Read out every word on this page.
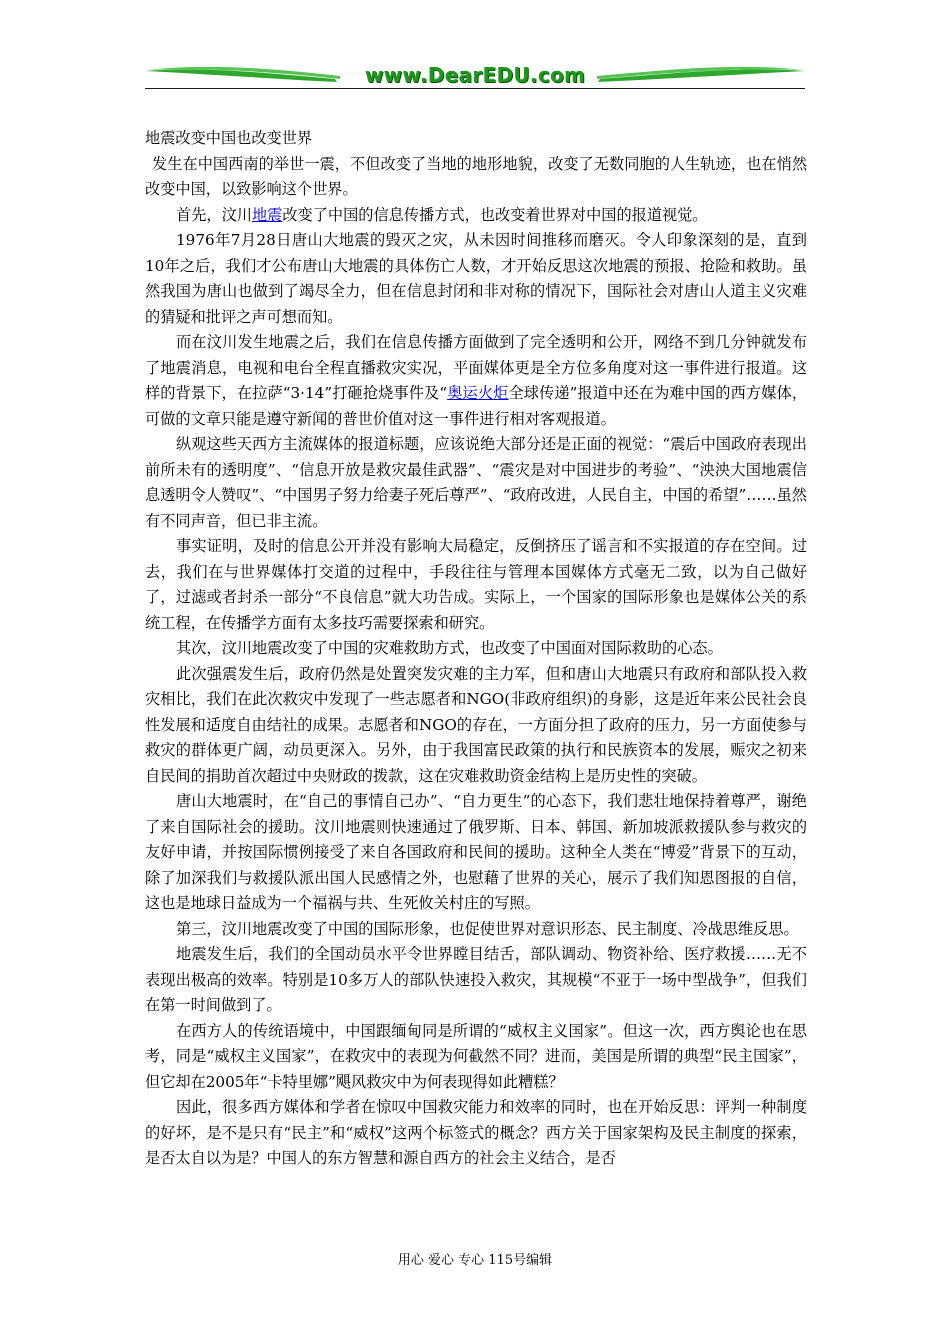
www.DearEDU.com

地震改变中国也改变世界

发生在中国西南的举世一震，不但改变了当地的地形地貌，改变了无数同胞的人生轨迹，也在悄然改变中国，以致影响这个世界。

首先，汶川地震改变了中国的信息传播方式，也改变着世界对中国的报道视觉。

1976年7月28日唐山大地震的毁灭之灾，从未因时间推移而磨灭。令人印象深刻的是，直到10年之后，我们才公布唐山大地震的具体伤亡人数，才开始反思这次地震的预报、抢险和救助。虽然我国为唐山也做到了竭尽全力，但在信息封闭和非对称的情况下，国际社会对唐山人道主义灾难的猜疑和批评之声可想而知。

而在汶川发生地震之后，我们在信息传播方面做到了完全透明和公开，网络不到几分钟就发布了地震消息，电视和电台全程直播救灾实况，平面媒体更是全方位多角度对这一事件进行报道。这样的背景下，在拉萨“3·14”打砸抢烧事件及“奥运火炬全球传递”报道中还在为难中国的西方媒体，可做的文章只能是遵守新闻的普世价值对这一事件进行相对客观报道。

纵观这些天西方主流媒体的报道标题，应该说绝大部分还是正面的视觉：“震后中国政府表现出前所未有的透明度”、“信息开放是救灾最佳武器”、“震灾是对中国进步的考验”、“泱泱大国地震信息透明令人赞叹”、“中国男子努力给妻子死后尊严”、“政府改进，人民自主，中国的希望”……虽然有不同声音，但已非主流。

事实证明，及时的信息公开并没有影响大局稳定，反倒挤压了谣言和不实报道的存在空间。过去，我们在与世界媒体打交道的过程中，手段往往与管理本国媒体方式毫无二致，以为自己做好了，过滤或者封杀一部分“不良信息”就大功告成。实际上，一个国家的国际形象也是媒体公关的系统工程，在传播学方面有太多技巧需要探索和研究。

其次，汶川地震改变了中国的灾难救助方式，也改变了中国面对国际救助的心态。

此次强震发生后，政府仍然是处置突发灾难的主力军，但和唐山大地震只有政府和部队投入救灾相比，我们在此次救灾中发现了一些志愿者和NGO(非政府组织)的身影，这是近年来公民社会良性发展和适度自由结社的成果。志愿者和NGO的存在，一方面分担了政府的压力，另一方面使参与救灾的群体更广阔，动员更深入。另外，由于我国富民政策的执行和民族资本的发展，赈灾之初来自民间的捐助首次超过中央财政的拨款，这在灾难救助资金结构上是历史性的突破。

唐山大地震时，在“自己的事情自己办”、“自力更生”的心态下，我们悲壮地保持着尊严，谢绝了来自国际社会的援助。汶川地震则快速通过了俄罗斯、日本、韩国、新加坡派救援队参与救灾的友好申请，并按国际惯例接受了来自各国政府和民间的援助。这种全人类在“博爱”背景下的互动，除了加深我们与救援队派出国人民感情之外，也慰藉了世界的关心，展示了我们知恩图报的自信，这也是地球日益成为一个福祸与共、生死攸关村庄的写照。

第三，汶川地震改变了中国的国际形象，也促使世界对意识形态、民主制度、冷战思维反思。

地震发生后，我们的全国动员水平令世界瞠目结舌，部队调动、物资补给、医疗救援……无不表现出极高的效率。特别是10多万人的部队快速投入救灾，其规模“不亚于一场中型战争”，但我们在第一时间做到了。

在西方人的传统语境中，中国跟缅甸同是所谓的“威权主义国家”。但这一次，西方舆论也在思考，同是“威权主义国家”，在救灾中的表现为何截然不同？进而，美国是所谓的典型“民主国家”，但它却在2005年“卡特里娜”飓风救灾中为何表现得如此糟糕？

因此，很多西方媒体和学者在惊叹中国救灾能力和效率的同时，也在开始反思：评判一种制度的好坏，是不是只有“民主”和“威权”这两个标签式的概念？西方关于国家架构及民主制度的探索，是否太自以为是？中国人的东方智慧和源自西方的社会主义结合，是否

用心 爱心 专心 115号编辑
